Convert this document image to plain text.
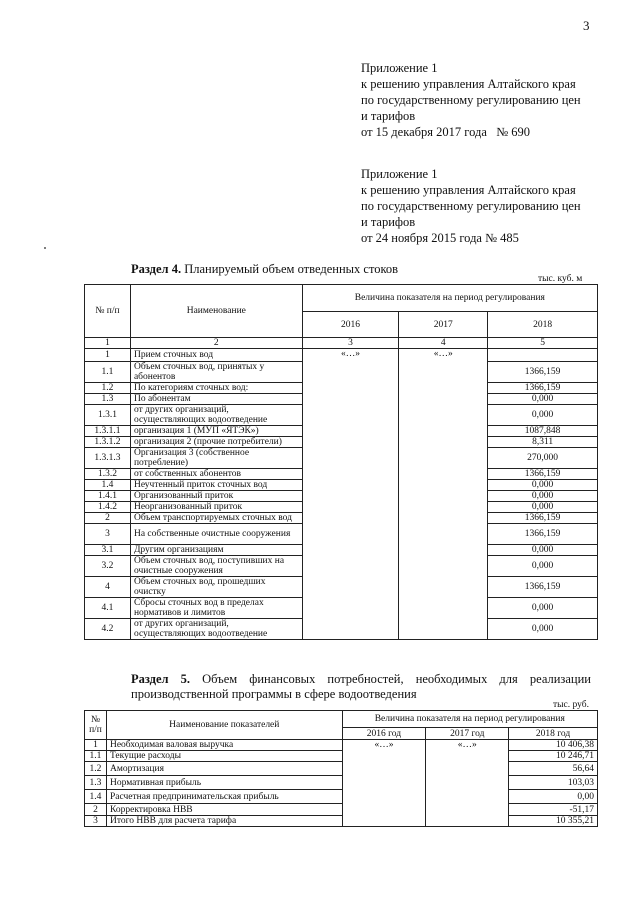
3
Приложение 1
к решению управления Алтайского края
по государственному регулированию цен
и тарифов
от 15 декабря 2017 года   № 690
Приложение 1
к решению управления Алтайского края
по государственному регулированию цен
и тарифов
от 24 ноября 2015 года № 485
Раздел 4. Планируемый объем отведенных стоков
тыс. куб. м
№ п/п	Наименование	Величина показателя на период регулирования		
		2016	2017	2018
1	2	3	4	5
1	Прием сточных вод	«…»	«…»	
1.1	Объем сточных вод, принятых у абонентов			1366,159
1.2	По категориям сточных вод:			1366,159
1.3	По абонентам			0,000
1.3.1	от других организаций, осуществляющих водоотведение			0,000
1.3.1.1	организация 1 (МУП «ЯТЭК»)			1087,848
1.3.1.2	организация 2 (прочие потребители)			8,311
1.3.1.3	Организация 3 (собственное потребление)			270,000
1.3.2	от собственных абонентов			1366,159
1.4	Неучтенный приток сточных вод			0,000
1.4.1	Организованный приток			0,000
1.4.2	Неорганизованный приток			0,000
2	Объем транспортируемых сточных вод			1366,159
3	На собственные очистные сооружения			1366,159
3.1	Другим организациям			0,000
3.2	Объем сточных вод, поступивших на очистные сооружения			0,000
4	Объем сточных вод, прошедших очистку			1366,159
4.1	Сбросы сточных вод в пределах нормативов и лимитов			0,000
4.2	от других организаций, осуществляющих водоотведение			0,000
Раздел 5. Объем финансовых потребностей, необходимых для реализации производственной программы в сфере водоотведения
тыс. руб.
№ п/п	Наименование показателей	Величина показателя на период регулирования		
		2016 год	2017 год	2018 год
1	Необходимая валовая выручка	«…»	«…»	10 406,38
1.1	Текущие расходы			10 246,71
1.2	Амортизация			56,64
1.3	Нормативная прибыль			103,03
1.4	Расчетная предпринимательская прибыль			0,00
2	Корректировка НВВ			-51,17
3	Итого НВВ для расчета тарифа			10 355,21
